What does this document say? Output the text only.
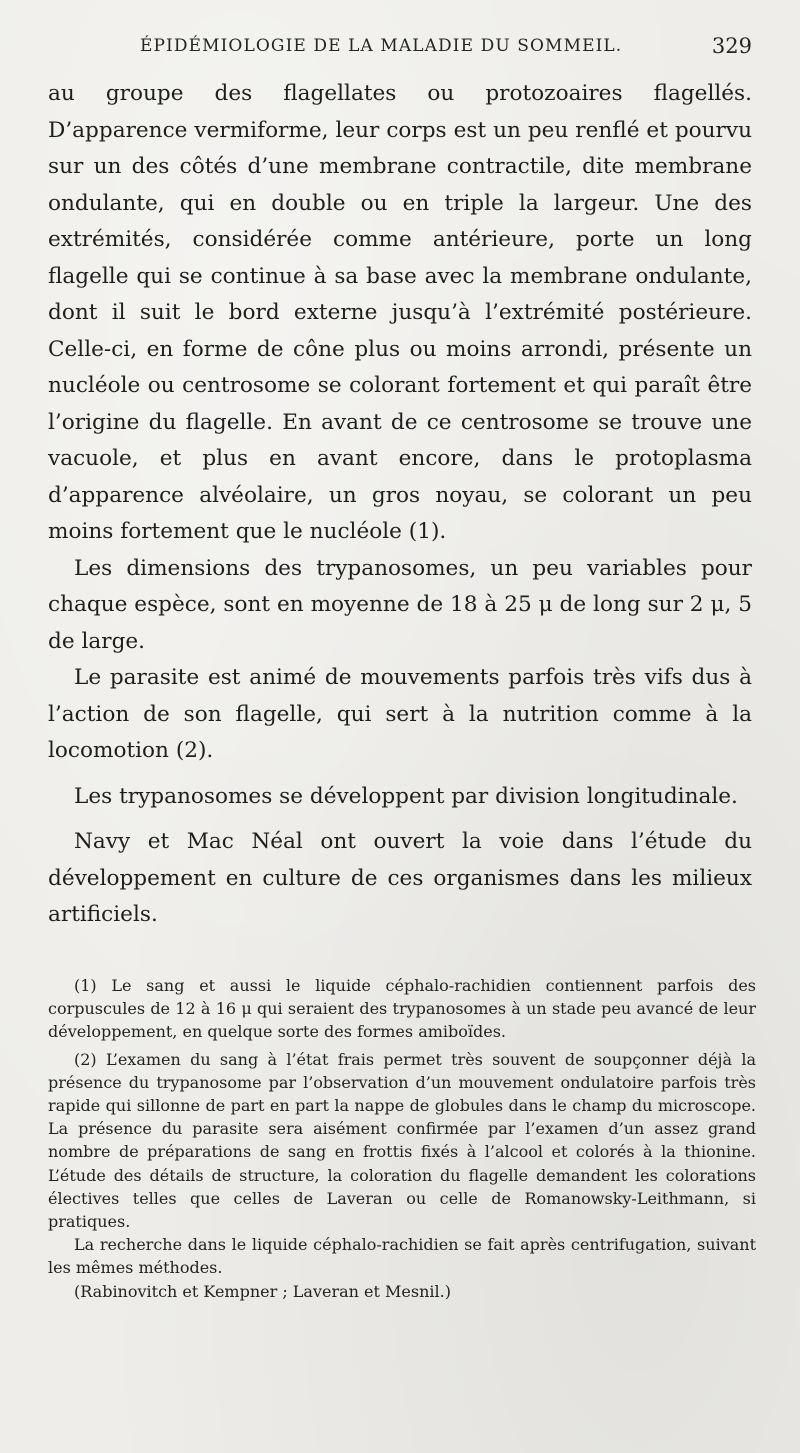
ÉPIDÉMIOLOGIE DE LA MALADIE DU SOMMEIL.	329

au groupe des flagellates ou protozoaires flagellés. D’apparence vermiforme, leur corps est un peu renflé et pourvu sur un des côtés d’une membrane contractile, dite membrane ondulante, qui en double ou en triple la largeur. Une des extrémités, considérée comme antérieure, porte un long flagelle qui se continue à sa base avec la membrane ondulante, dont il suit le bord externe jusqu’à l’extrémité postérieure. Celle-ci, en forme de cône plus ou moins arrondi, présente un nucléole ou centrosome se colorant fortement et qui paraît être l’origine du flagelle. En avant de ce centrosome se trouve une vacuole, et plus en avant encore, dans le protoplasma d’apparence alvéolaire, un gros noyau, se colorant un peu moins fortement que le nucléole (1).

Les dimensions des trypanosomes, un peu variables pour chaque espèce, sont en moyenne de 18 à 25 μ de long sur 2 μ, 5 de large.

Le parasite est animé de mouvements parfois très vifs dus à l’action de son flagelle, qui sert à la nutrition comme à la locomotion (2).

Les trypanosomes se développent par division longitudinale.

Navy et Mac Néal ont ouvert la voie dans l’étude du développement en culture de ces organismes dans les milieux artificiels.

(1) Le sang et aussi le liquide céphalo-rachidien contiennent parfois des corpuscules de 12 à 16 μ qui seraient des trypanosomes à un stade peu avancé de leur développement, en quelque sorte des formes amiboïdes.

(2) L’examen du sang à l’état frais permet très souvent de soupçonner déjà la présence du trypanosome par l’observation d’un mouvement ondulatoire parfois très rapide qui sillonne de part en part la nappe de globules dans le champ du microscope. La présence du parasite sera aisément confirmée par l’examen d’un assez grand nombre de préparations de sang en frottis fixés à l’alcool et colorés à la thionine. L’étude des détails de structure, la coloration du flagelle demandent les colorations électives telles que celles de Laveran ou celle de Romanowsky-Leithmann, si pratiques.

La recherche dans le liquide céphalo-rachidien se fait après centrifugation, suivant les mêmes méthodes.

(Rabinovitch et Kempner ; Laveran et Mesnil.)
